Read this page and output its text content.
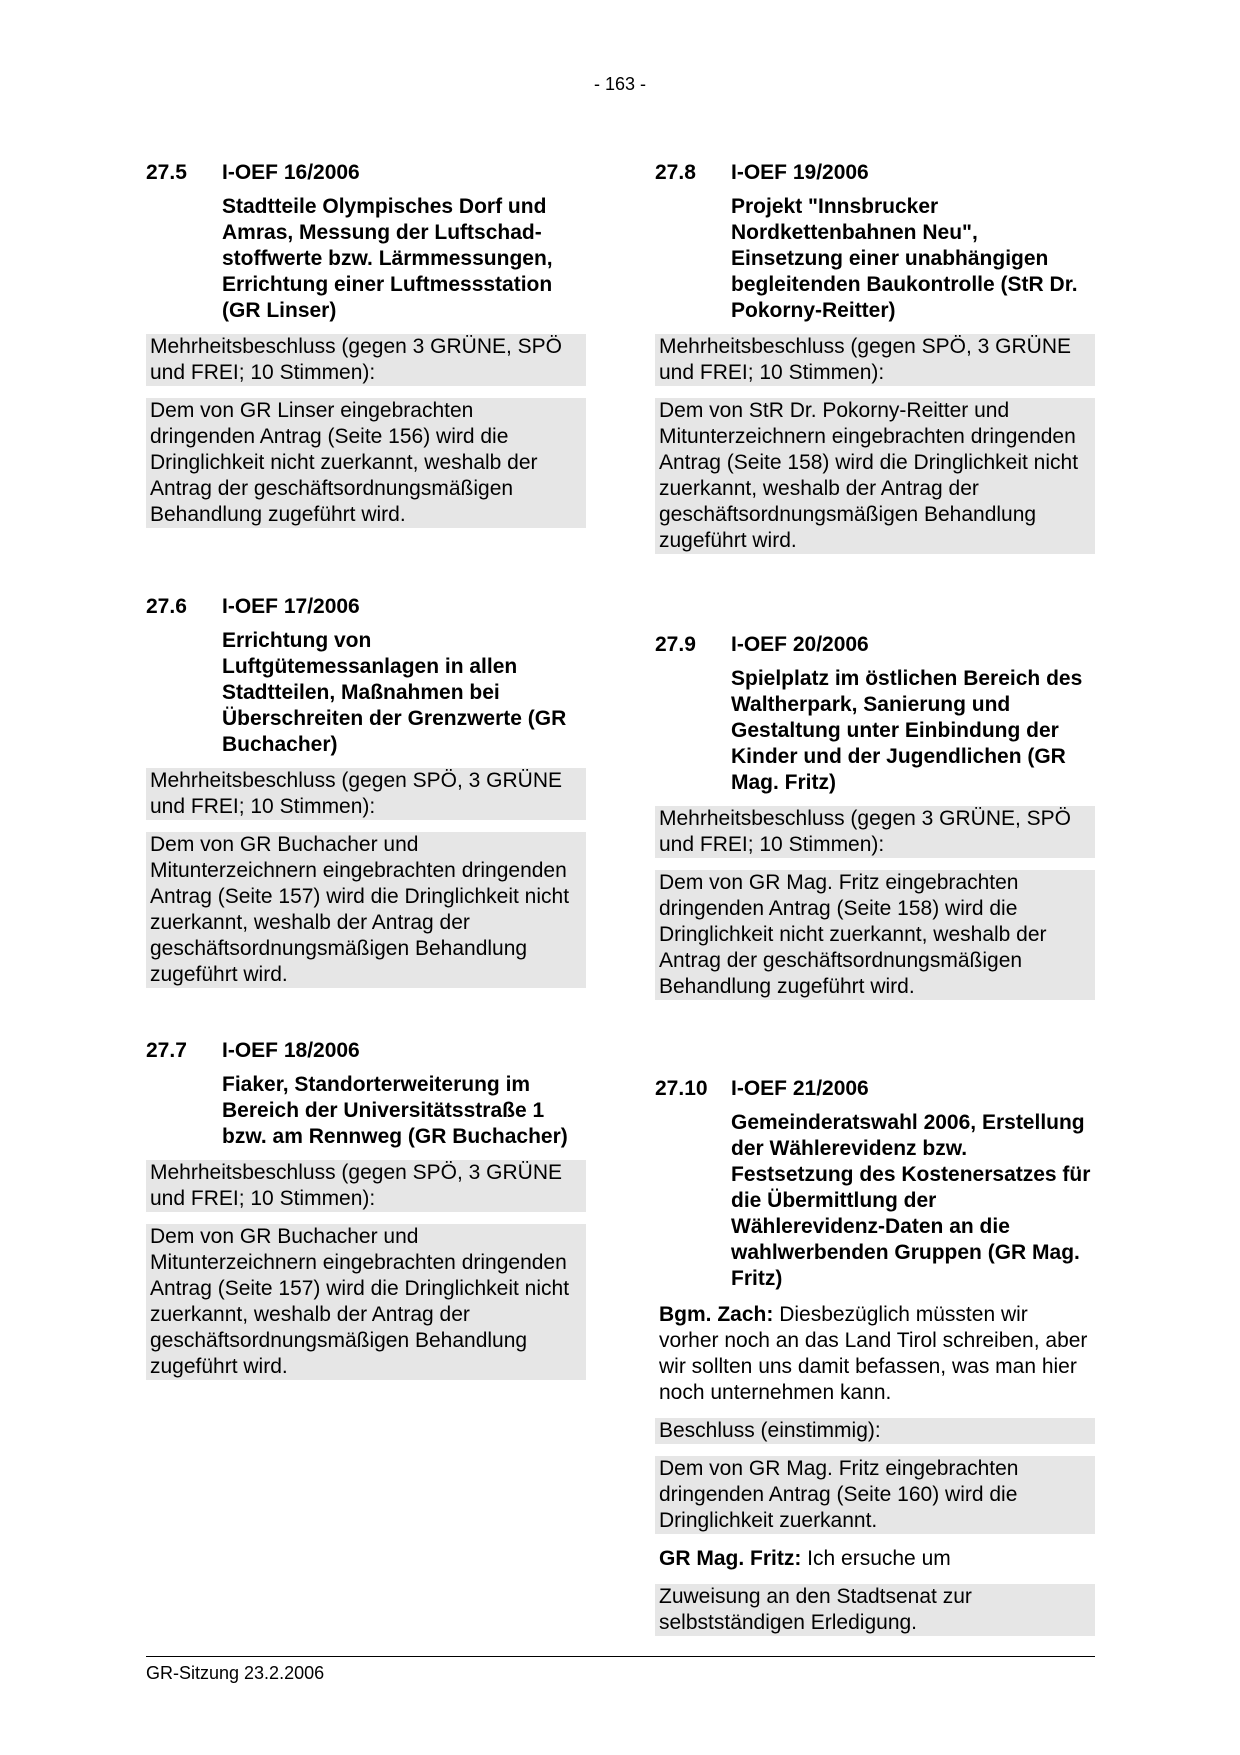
- 163 -
27.5	I-OEF 16/2006
Stadtteile Olympisches Dorf und Amras, Messung der Luftschad-stoffwerte bzw. Lärmmessungen, Errichtung einer Luftmessstation (GR Linser)
Mehrheitsbeschluss (gegen 3 GRÜNE, SPÖ und FREI; 10 Stimmen):
Dem von GR Linser eingebrachten dringenden Antrag (Seite 156) wird die Dringlichkeit nicht zuerkannt, weshalb der Antrag der geschäftsordnungsmäßigen Behandlung zugeführt wird.
27.6	I-OEF 17/2006
Errichtung von Luftgütemessanlagen in allen Stadtteilen, Maßnahmen bei Überschreiten der Grenzwerte (GR Buchacher)
Mehrheitsbeschluss (gegen SPÖ, 3 GRÜNE und FREI; 10 Stimmen):
Dem von GR Buchacher und Mitunterzeichnern eingebrachten dringenden Antrag (Seite 157) wird die Dringlichkeit nicht zuerkannt, weshalb der Antrag der geschäftsordnungsmäßigen Behandlung zugeführt wird.
27.7	I-OEF 18/2006
Fiaker, Standorterweiterung im Bereich der Universitätsstraße 1 bzw. am Rennweg (GR Buchacher)
Mehrheitsbeschluss (gegen SPÖ, 3 GRÜNE und FREI; 10 Stimmen):
Dem von GR Buchacher und Mitunterzeichnern eingebrachten dringenden Antrag (Seite 157) wird die Dringlichkeit nicht zuerkannt, weshalb der Antrag der geschäftsordnungsmäßigen Behandlung zugeführt wird.
27.8	I-OEF 19/2006
Projekt "Innsbrucker Nordkettenbahnen Neu", Einsetzung einer unabhängigen begleitenden Baukontrolle (StR Dr. Pokorny-Reitter)
Mehrheitsbeschluss (gegen SPÖ, 3 GRÜNE und FREI; 10 Stimmen):
Dem von StR Dr. Pokorny-Reitter und Mitunterzeichnern eingebrachten dringenden Antrag (Seite 158) wird die Dringlichkeit nicht zuerkannt, weshalb der Antrag der geschäftsordnungsmäßigen Behandlung zugeführt wird.
27.9	I-OEF 20/2006
Spielplatz im östlichen Bereich des Waltherpark, Sanierung und Gestaltung unter Einbindung der Kinder und der Jugendlichen (GR Mag. Fritz)
Mehrheitsbeschluss (gegen 3 GRÜNE, SPÖ und FREI; 10 Stimmen):
Dem von GR Mag. Fritz eingebrachten dringenden Antrag (Seite 158) wird die Dringlichkeit nicht zuerkannt, weshalb der Antrag der geschäftsordnungsmäßigen Behandlung zugeführt wird.
27.10	I-OEF 21/2006
Gemeinderatswahl 2006, Erstellung der Wählerevidenz bzw. Festsetzung des Kostenersatzes für die Übermittlung der Wählerevidenz-Daten an die wahlwerbenden Gruppen (GR Mag. Fritz)
Bgm. Zach: Diesbezüglich müssten wir vorher noch an das Land Tirol schreiben, aber wir sollten uns damit befassen, was man hier noch unternehmen kann.
Beschluss (einstimmig):
Dem von GR Mag. Fritz eingebrachten dringenden Antrag (Seite 160) wird die Dringlichkeit zuerkannt.
GR Mag. Fritz: Ich ersuche um
Zuweisung an den Stadtsenat zur selbstständigen Erledigung.
GR-Sitzung 23.2.2006
